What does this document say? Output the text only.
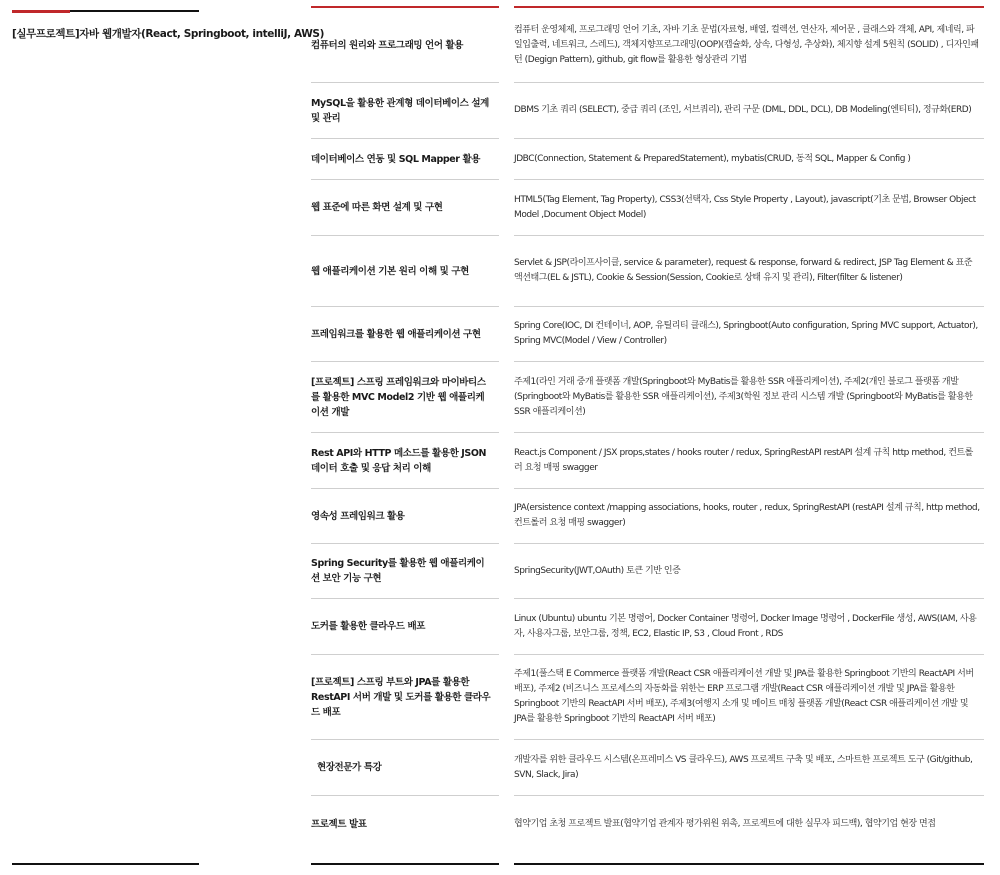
[실무프로젝트]자바 웹개발자(React, Springboot, intelliJ, AWS)
컴퓨터의 원리와 프로그래밍 언어 활용
컴퓨터 운영체제, 프로그래밍 언어 기초, 자바 기초 문법(자료형, 배열, 컬렉션, 연산자, 제어문 , 클래스와 객체, API, 제네릭, 파일입출력, 네트워크, 스레드), 객체지향프로그래밍(OOP)(캡슐화, 상속, 다형성, 추상화), 체지향 설계 5원칙 (SOLID) , 디자인패턴 (Degign Pattern), github, git flow를 활용한 형상관리 기법
MySQL을 활용한 관계형 데이터베이스 설계 및 관리
DBMS 기초 쿼리 (SELECT), 중급 쿼리 (조인, 서브쿼리), 관리 구문 (DML, DDL, DCL), DB Modeling(엔티티), 정규화(ERD)
데이터베이스 연동 및 SQL Mapper 활용	JDBC(Connection, Statement & PreparedStatement), mybatis(CRUD, 동적 SQL, Mapper & Config )
웹 표준에 따른 화면 설계 및 구현
HTML5(Tag Element, Tag Property), CSS3(선택자, Css Style Property , Layout), javascript(기초 문법, Browser Object Model ,Document Object Model)
웹 애플리케이션 기본 원리 이해 및 구현
Servlet & JSP(라이프사이클, service & parameter), request & response, forward & redirect, JSP Tag Element & 표준액션태그(EL & JSTL), Cookie & Session(Session, Cookie로 상태 유지 및 관리), Filter(filter & listener)
프레임워크를 활용한 웹 애플리케이션 구현
Spring Core(IOC, DI 컨테이너, AOP, 유틸리티 클래스), Springboot(Auto configuration, Spring MVC support, Actuator), Spring MVC(Model / View / Controller)
[프로젝트] 스프링 프레임워크와 마이바티스를 활용한 MVC Model2 기반 웹 애플리케이션 개발
주제1(라인 거래 중개 플랫폼 개발(Springboot와 MyBatis를 활용한 SSR 애플리케이션), 주제2(개인 블로그 플랫폼 개발(Springboot와 MyBatis를 활용한 SSR 애플리케이션), 주제3(학원 정보 관리 시스템 개발 (Springboot와 MyBatis를 활용한 SSR 애플리케이션)
Rest API와 HTTP 메소드를 활용한 JSON 데이터 호출 및 응답 처리 이해
React.js Component / JSX props,states / hooks router / redux, SpringRestAPI restAPI 설계 규칙 http method, 컨트롤러 요청 매핑 swagger
영속성 프레임워크 활용
JPA(ersistence context /mapping associations, hooks, router , redux, SpringRestAPI (restAPI 설계 규칙, http method, 컨트롤러 요청 매핑 swagger)
Spring Security를 활용한 웹 애플리케이션 보안 기능 구현
SpringSecurity(JWT,OAuth) 토큰 기반 인증
도커를 활용한 클라우드 배포
Linux (Ubuntu) ubuntu 기본 명령어, Docker Container 명령어, Docker Image 명령어 , DockerFile 생성, AWS(IAM, 사용자, 사용자그룹, 보안그룹, 정책, EC2, Elastic IP, S3 , Cloud Front , RDS
[프로젝트] 스프링 부트와 JPA를 활용한 RestAPI 서버 개발 및 도커를 활용한 클라우드 배포
주제1(풀스택 E Commerce 플랫폼 개발(React CSR 애플리케이션 개발 및 JPA를 활용한 Springboot 기반의 ReactAPI 서버 배포), 주제2 (비즈니스 프로세스의 자동화를 위한는 ERP 프로그램 개발(React CSR 애플리케이션 개발 및 JPA를 활용한 Springboot 기반의 ReactAPI 서버 배포), 주제3(여행지 소개 및 메이트 매칭 플랫폼 개발(React CSR 애플리케이션 개발 및 JPA를 활용한 Springboot 기반의 ReactAPI 서버 배포)
현장전문가 특강
개발자를 위한 클라우드 시스템(온프레미스 VS 클라우드), AWS 프로젝트 구축 및 배포, 스마트한 프로젝트 도구 (Git/github, SVN, Slack, Jira)
프로젝트 발표	협약기업 초청 프로젝트 발표(협약기업 관계자 평가위원 위촉, 프로젝트에 대한 실무자 피드백), 협약기업 현장 면접
